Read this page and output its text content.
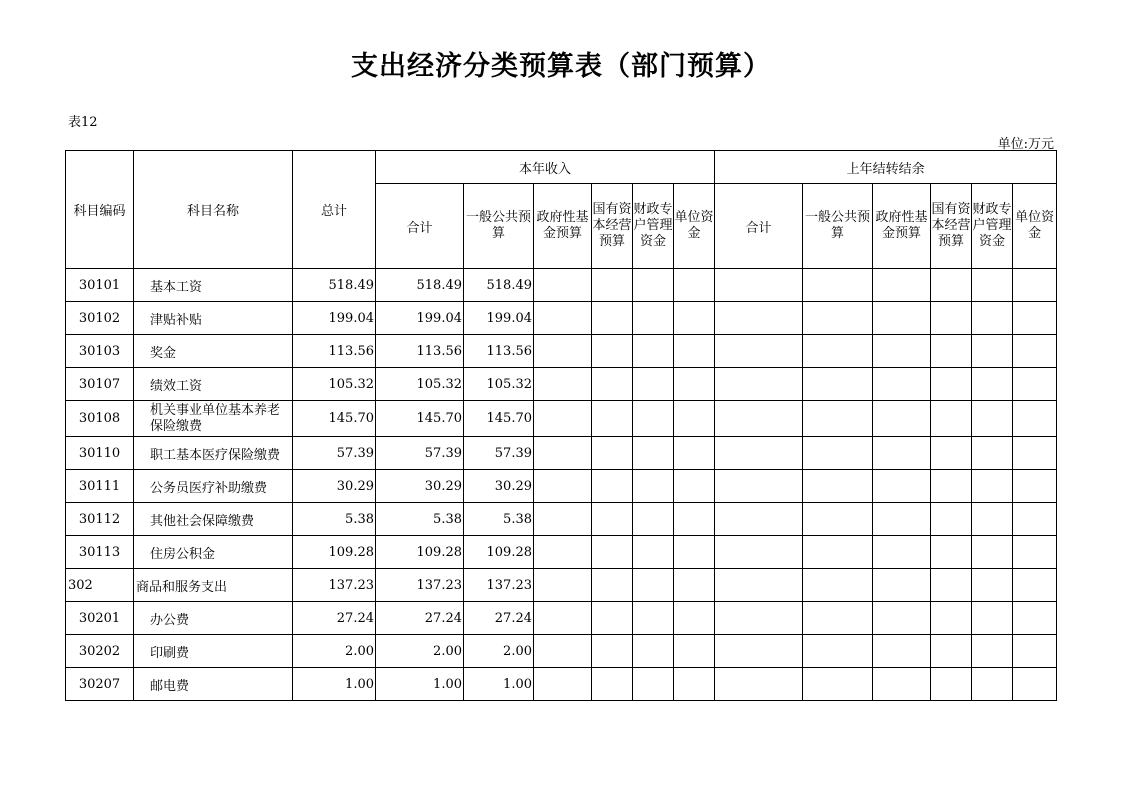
支出经济分类预算表（部门预算）
表12
单位:万元
科目编码	科目名称	总计	本年收入						上年结转结余					
			合计	一般公共预算	政府性基金预算	国有资本经营预算	财政专户管理资金	单位资金	合计	一般公共预算	政府性基金预算	国有资本经营预算	财政专户管理资金	单位资金
30101	基本工资	518.49	518.49	518.49										
30102	津贴补贴	199.04	199.04	199.04										
30103	奖金	113.56	113.56	113.56										
30107	绩效工资	105.32	105.32	105.32										
30108	机关事业单位基本养老保险缴费	145.70	145.70	145.70										
30110	职工基本医疗保险缴费	57.39	57.39	57.39										
30111	公务员医疗补助缴费	30.29	30.29	30.29										
30112	其他社会保障缴费	5.38	5.38	5.38										
30113	住房公积金	109.28	109.28	109.28										
302	商品和服务支出	137.23	137.23	137.23										
30201	办公费	27.24	27.24	27.24										
30202	印刷费	2.00	2.00	2.00										
30207	邮电费	1.00	1.00	1.00										
